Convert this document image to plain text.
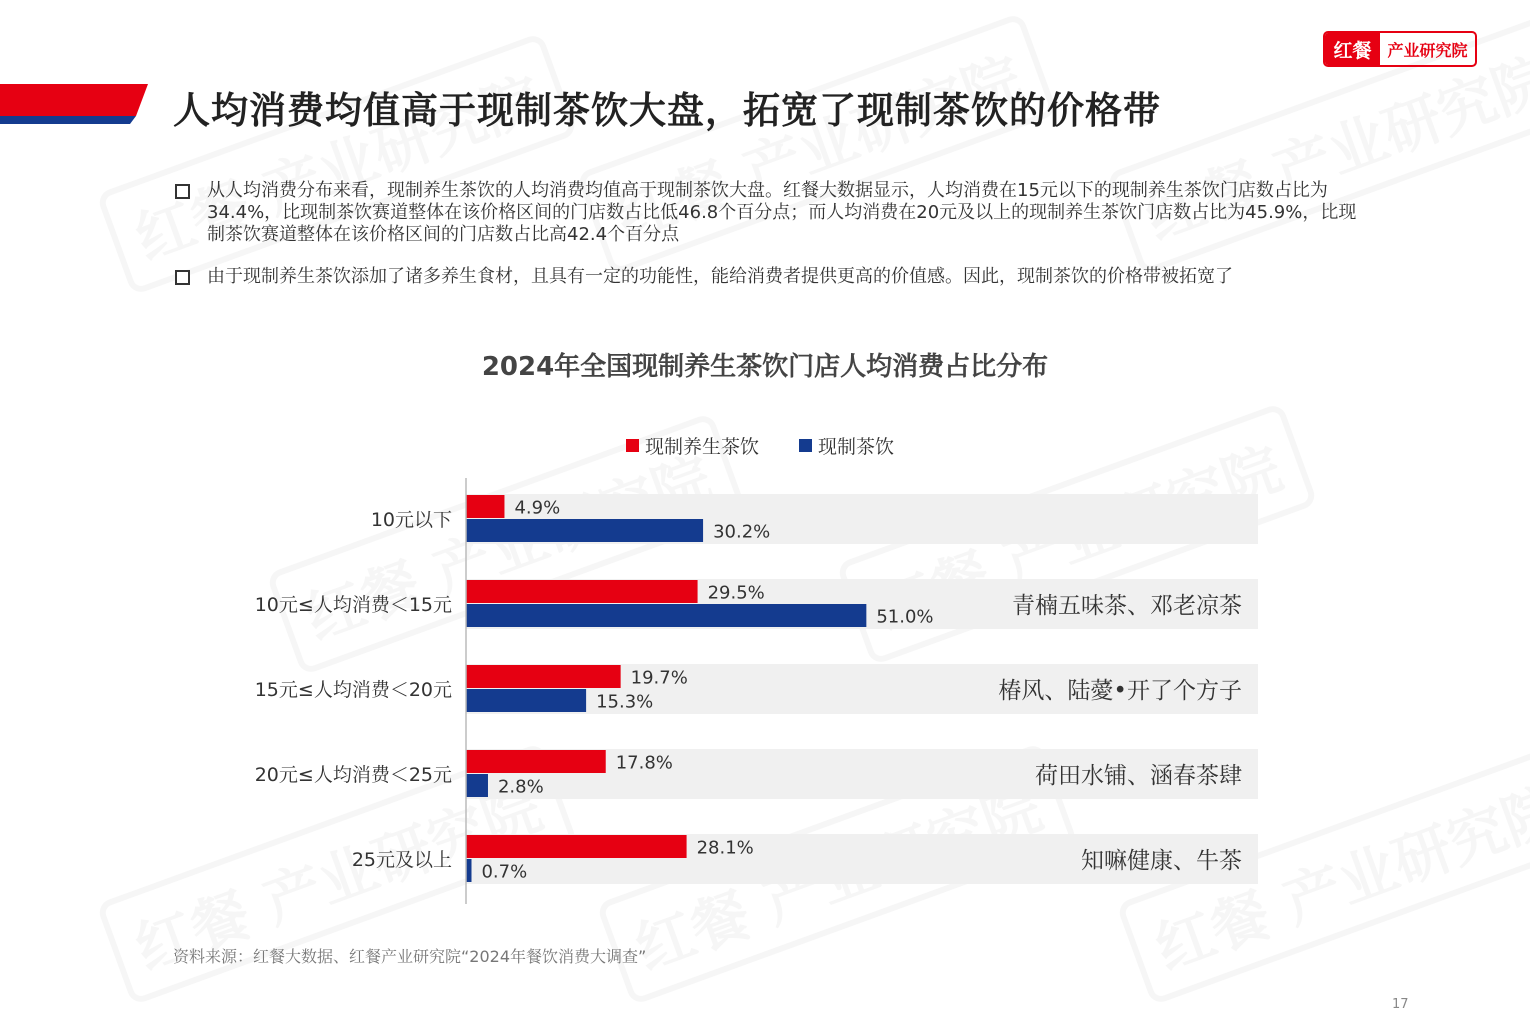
红餐 产业研究院
人均消费均值高于现制茶饮大盘，拓宽了现制茶饮的价格带
从人均消费分布来看，现制养生茶饮的人均消费均值高于现制茶饮大盘。红餐大数据显示，人均消费在15元以下的现制养生茶饮门店数占比为34.4%，比现制茶饮赛道整体在该价格区间的门店数占比低46.8个百分点；而人均消费在20元及以上的现制养生茶饮门店数占比为45.9%，比现制茶饮赛道整体在该价格区间的门店数占比高42.4个百分点
由于现制养生茶饮添加了诸多养生食材，且具有一定的功能性，能给消费者提供更高的价值感。因此，现制茶饮的价格带被拓宽了
2024年全国现制养生茶饮门店人均消费占比分布
现制养生茶饮	现制茶饮
10元以下
4.9%
30.2%
10元≤人均消费＜15元
29.5%
51.0%	青楠五味茶、邓老凉茶
15元≤人均消费＜20元
19.7%
15.3%	椿风、陆薆•开了个方子
20元≤人均消费＜25元
17.8%
2.8%	荷田水铺、涵春茶肆
25元及以上
28.1%
0.7%	知嘛健康、牛茶
资料来源：红餐大数据、红餐产业研究院“2024年餐饮消费大调查”
17
